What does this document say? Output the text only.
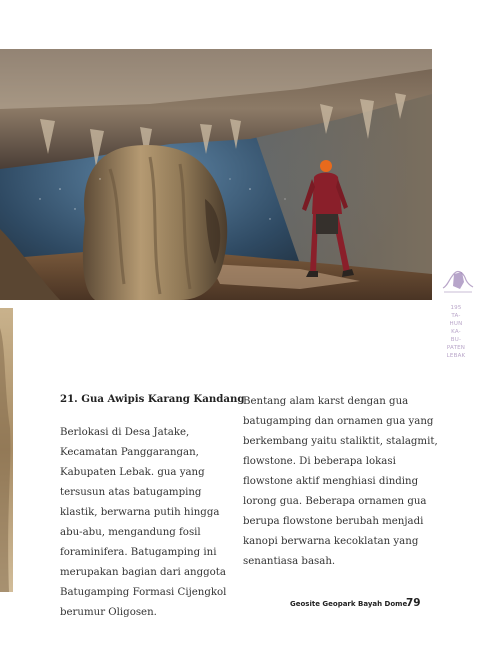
195
TA-
HUN
KA-
BU-
PATEN
LEBAK
21. Gua Awipis Karang Kandang

Berlokasi di Desa Jatake, Kecamatan Panggarangan, Kabupaten Lebak. gua yang tersusun atas batugamping klastik, berwarna putih hingga abu-abu, mengandung fosil foraminifera. Batugamping ini merupakan bagian dari anggota Batugamping Formasi Cijengkol berumur Oligosen.

Bentang alam karst dengan gua batugamping dan ornamen gua yang berkembang yaitu staliktit, stalagmit, flowstone. Di beberapa lokasi flowstone aktif menghiasi dinding lorong gua. Beberapa ornamen gua berupa flowstone berubah menjadi kanopi berwarna kecoklatan yang senantiasa basah.

Geosite Geopark Bayah Dome
79
